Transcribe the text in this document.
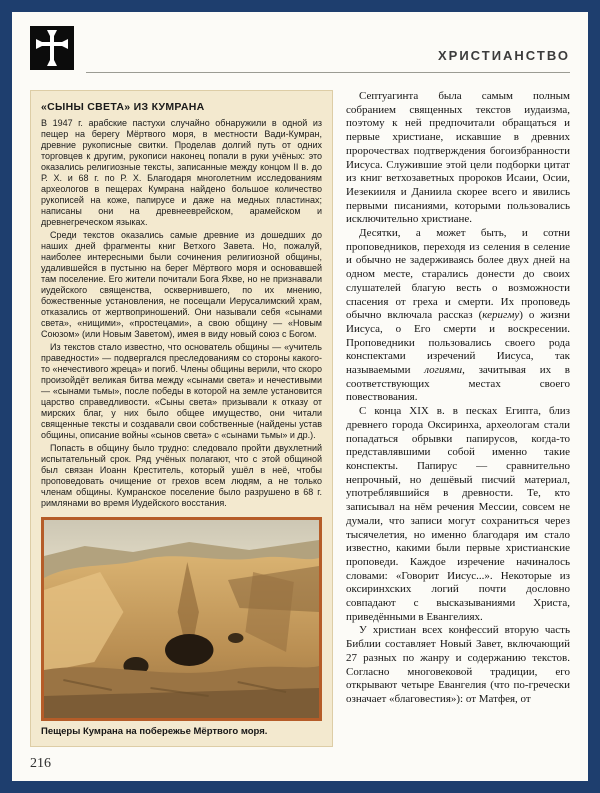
ХРИСТИАНСТВО
«СЫНЫ СВЕТА» ИЗ КУМРАНА

В 1947 г. арабские пастухи случайно обнаружили в одной из пещер на берегу Мёртвого моря, в местности Вади-Кумран, древние рукописные свитки. Проделав долгий путь от одних торговцев к другим, рукописи наконец попали в руки учёных: это оказались религиозные тексты, записанные между концом II в. до Р. Х. и 68 г. по Р. Х. Благодаря многолетним исследованиям археологов в пещерах Кумрана найдено большое количество рукописей на коже, папирусе и даже на медных пластинах; написаны они на древнееврейском, арамейском и древнегреческом языках.

Среди текстов оказались самые древние из дошедших до наших дней фрагменты книг Ветхого Завета. Но, пожалуй, наиболее интересными были сочинения религиозной общины, удалившейся в пустыню на берег Мёртвого моря и основавшей там поселение. Его жители почитали Бога Яхве, но не признавали иудейского священства, осквернившего, по их мнению, божественные установления, не посещали Иерусалимский храм, отказались от жертвоприношений. Они называли себя «сынами света», «нищими», «простецами», а свою общину — «Новым Союзом» (или Новым Заветом), имея в виду новый союз с Богом.

Из текстов стало известно, что основатель общины — «учитель праведности» — подвергался преследованиям со стороны какого-то «нечестивого жреца» и погиб. Члены общины верили, что скоро произойдёт великая битва между «сынами света» и нечестивыми — «сынами тьмы», после победы в которой на земле установится царство справедливости. «Сыны света» призывали к отказу от мирских благ, у них было общее имущество, они читали священные тексты и создавали свои собственные (найдены устав общины, описание войны «сынов света» с «сынами тьмы» и др.).

Попасть в общину было трудно: следовало пройти двухлетний испытательный срок. Ряд учёных полагают, что с этой общиной был связан Иоанн Креститель, который ушёл в неё, чтобы проповедовать очищение от грехов всем людям, а не только членам общины. Кумранское поселение было разрушено в 68 г. римлянами во время Иудейского восстания.

Пещеры Кумрана на побережье Мёртвого моря.

Септуагинта была самым полным собранием священных текстов иудаизма, поэтому к ней предпочитали обращаться и первые христиане, искавшие в древних пророчествах подтверждения богоизбранности Иисуса. Служившие этой цели подборки цитат из книг ветхозаветных пророков Исаии, Осии, Иезекииля и Даниила скорее всего и явились первыми писаниями, которыми пользовались исключительно христиане.

Десятки, а может быть, и сотни проповедников, переходя из селения в селение и обычно не задерживаясь более двух дней на одном месте, старались донести до своих слушателей благую весть о возможности спасения от греха и смерти. Их проповедь обычно включала рассказ (керигму) о жизни Иисуса, о Его смерти и воскресении. Проповедники пользовались своего рода конспектами изречений Иисуса, так называемыми логиями, зачитывая их в соответствующих местах своего повествования.

С конца XIX в. в песках Египта, близ древнего города Оксиринха, археологам стали попадаться обрывки папирусов, когда-то представлявшими собой именно такие конспекты. Папирус — сравнительно непрочный, но дешёвый писчий материал, употреблявшийся в древности. Те, кто записывал на нём речения Мессии, совсем не думали, что записи могут сохраниться через тысячелетия, но именно благодаря им стало известно, какими были первые христианские проповеди. Каждое изречение начиналось словами: «Говорит Иисус...». Некоторые из оксиринхских логий почти дословно совпадают с высказываниями Христа, приведёнными в Евангелиях.

У христиан всех конфессий вторую часть Библии составляет Новый Завет, включающий 27 разных по жанру и содержанию текстов. Согласно многовековой традиции, его открывают четыре Евангелия (что по-гречески означает «благовестия»): от Матфея, от

216
